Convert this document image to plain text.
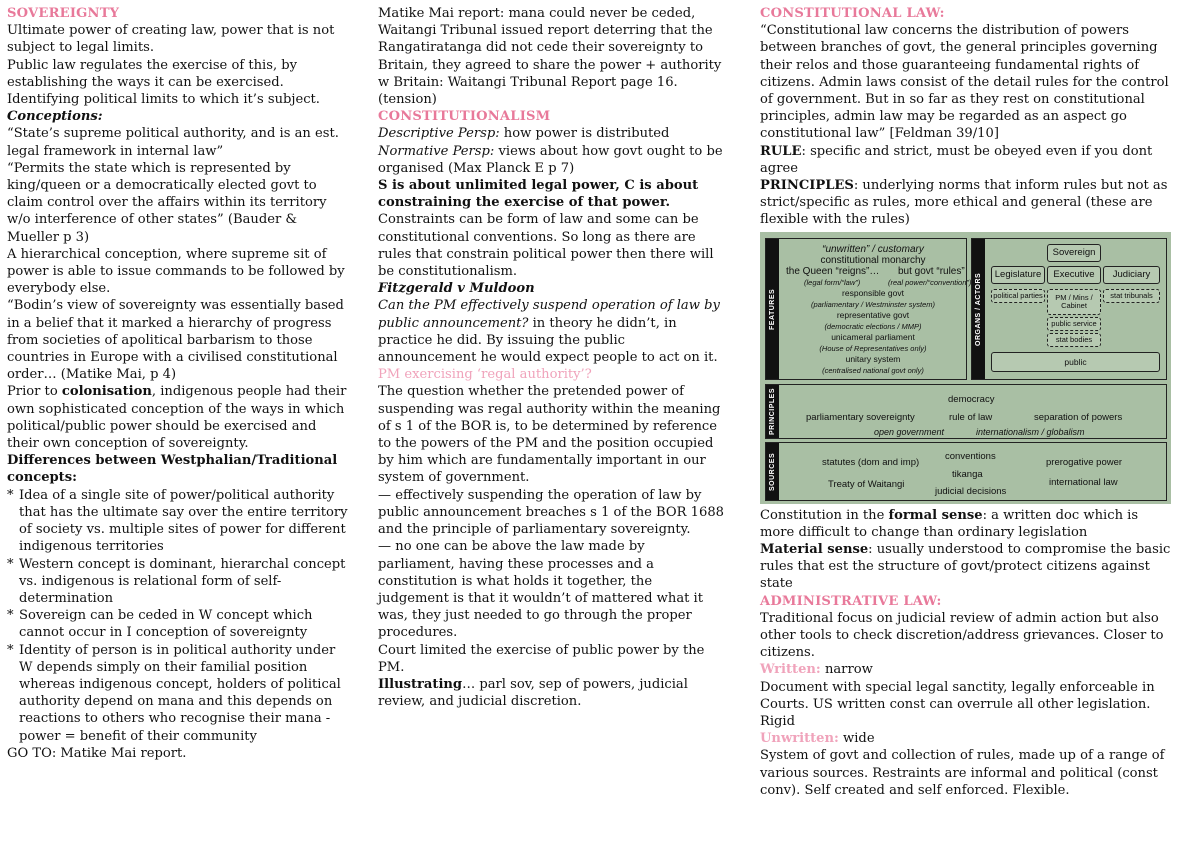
SOVEREIGNTY

Ultimate power of creating law, power that is not subject to legal limits.

Public law regulates the exercise of this, by establishing the ways it can be exercised. Identifying political limits to which it’s subject.

Conceptions:

“State’s supreme political authority, and is an est. legal framework in internal law”

“Permits the state which is represented by king/queen or a democratically elected govt to claim control over the affairs within its territory w/o interference of other states” (Bauder & Mueller p 3)

A hierarchical conception, where supreme sit of power is able to issue commands to be followed by everybody else.

“Bodin’s view of sovereignty was essentially based in a belief that it marked a hierarchy of progress from societies of apolitical barbarism to those countries in Europe with a civilised constitutional order… (Matike Mai, p 4)

Prior to colonisation, indigenous people had their own sophisticated conception of the ways in which political/public power should be exercised and their own conception of sovereignty.

Differences between Westphalian/Traditional concepts:

* Idea of a single site of power/political authority that has the ultimate say over the entire territory of society vs. multiple sites of power for different indigenous territories
* Western concept is dominant, hierarchal concept vs. indigenous is relational form of self-determination
* Sovereign can be ceded in W concept which cannot occur in I conception of sovereignty
* Identity of person is in political authority under W depends simply on their familial position whereas indigenous concept, holders of political authority depend on mana and this depends on reactions to others who recognise their mana - power = benefit of their community

GO TO: Matike Mai report.

Matike Mai report: mana could never be ceded, Waitangi Tribunal issued report deterring that the Rangatiratanga did not cede their sovereignty to Britain, they agreed to share the power + authority w Britain: Waitangi Tribunal Report page 16. (tension)

CONSTITUTIONALISM

Descriptive Persp: how power is distributed

Normative Persp: views about how govt ought to be organised (Max Planck E p 7)

S is about unlimited legal power, C is about constraining the exercise of that power.

Constraints can be form of law and some can be constitutional conventions. So long as there are rules that constrain political power then there will be constitutionalism.

Fitzgerald v Muldoon

Can the PM effectively suspend operation of law by public announcement? in theory he didn’t, in practice he did. By issuing the public announcement he would expect people to act on it.

PM exercising ‘regal authority’?

The question whether the pretended power of suspending was regal authority within the meaning of s 1 of the BOR is, to be determined by reference to the powers of the PM and the position occupied by him which are fundamentally important in our system of government.

— effectively suspending the operation of law by public announcement breaches s 1 of the BOR 1688 and the principle of parliamentary sovereignty.

— no one can be above the law made by parliament, having these processes and a constitution is what holds it together, the judgement is that it wouldn’t of mattered what it was, they just needed to go through the proper procedures.

Court limited the exercise of public power by the PM.

Illustrating… parl sov, sep of powers, judicial review, and judicial discretion.

CONSTITUTIONAL LAW:

“Constitutional law concerns the distribution of powers between branches of govt, the general principles governing their relos and those guaranteeing fundamental rights of citizens. Admin laws consist of the detail rules for the control of government. But in so far as they rest on constitutional principles, admin law may be regarded as an aspect go constitutional law” [Feldman 39/10]

RULE: specific and strict, must be obeyed even if you dont agree

PRINCIPLES: underlying norms that inform rules but not as strict/specific as rules, more ethical and general (these are flexible with the rules)

FEATURES
“unwritten” / customary
constitutional monarchy
the Queen “reigns”…	but govt “rules”
(legal form/“law”)	(real power/“convention”)
responsible govt
(parliamentary / Westminster system)
representative govt
(democratic elections / MMP)
unicameral parliament
(House of Representatives only)
unitary system
(centralised national govt only)
ORGANS / ACTORS
Sovereign
Legislature	Executive	Judiciary
political parties	PM / Mins / Cabinet
stat tribunals
public service
stat bodies
public
PRINCIPLES	democracy
parliamentary sovereignty	rule of law	separation of powers
open government	internationalism / globalism
SOURCES	statutes (dom and imp)
Treaty of Waitangi
conventions
tikanga
judicial decisions
prerogative power
international law

Constitution in the formal sense: a written doc which is more difficult to change than ordinary legislation

Material sense: usually understood to compromise the basic rules that est the structure of govt/protect citizens against state

ADMINISTRATIVE LAW:

Traditional focus on judicial review of admin action but also other tools to check discretion/address grievances. Closer to citizens.

Written: narrow

Document with special legal sanctity, legally enforceable in Courts. US written const can overrule all other legislation. Rigid

Unwritten: wide

System of govt and collection of rules, made up of a range of various sources. Restraints are informal and political (const conv). Self created and self enforced. Flexible.
